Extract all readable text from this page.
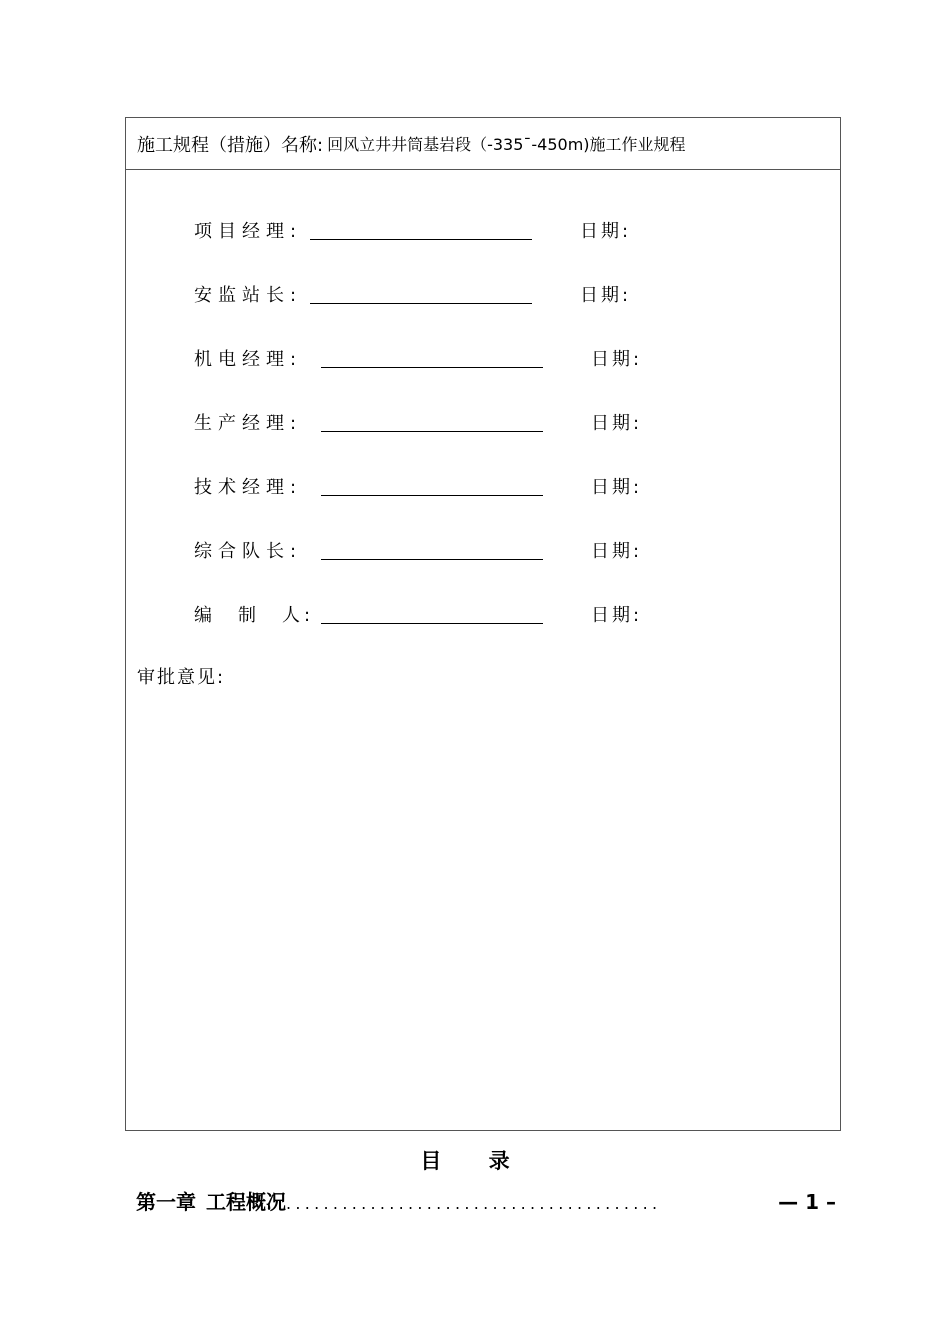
施工规程（措施）名称: 回风立井井筒基岩段（-335¯-450m)施工作业规程
项目经理:	日期:
安监站长:	日期:
机电经理:	日期:
生产经理:	日期:
技术经理:	日期:
综合队长:	日期:
编　制　人:	日期:
审批意见:
目 录
第一章 工程概况 ........................................	— 1 –
